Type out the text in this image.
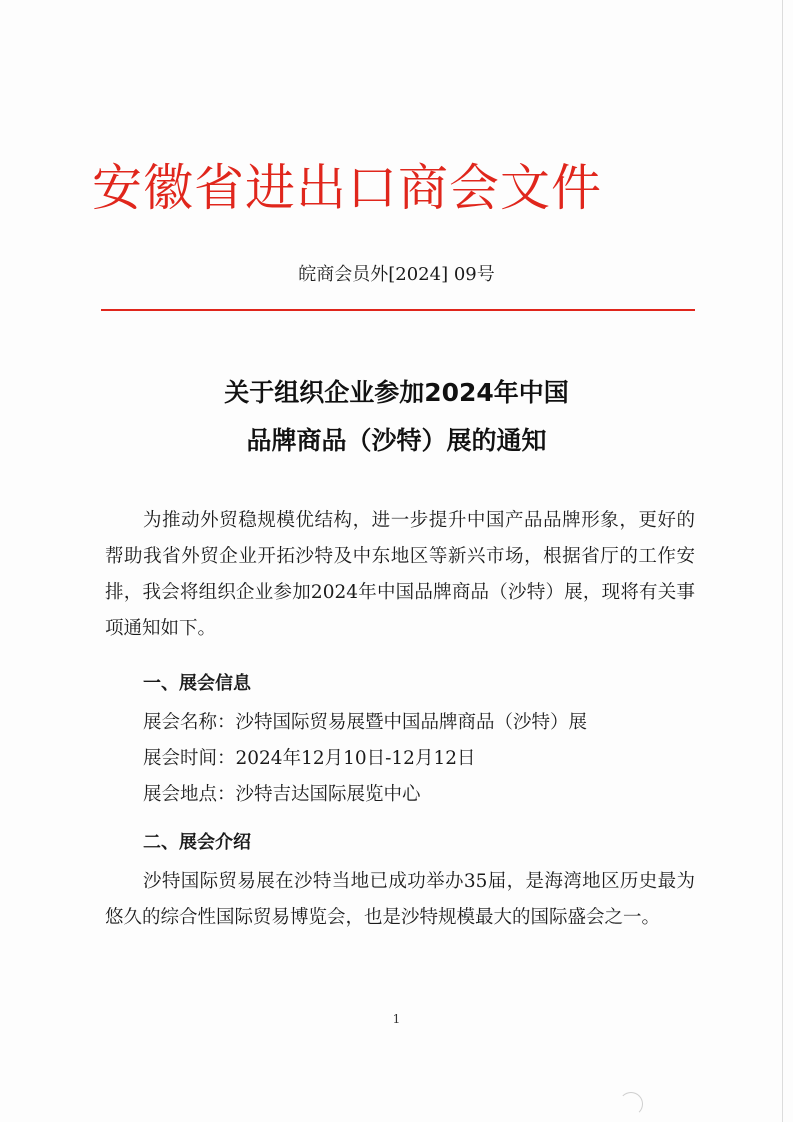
安徽省进出口商会文件
皖商会员外[2024] 09号
关于组织企业参加2024年中国
品牌商品（沙特）展的通知

为推动外贸稳规模优结构，进一步提升中国产品品牌形象，更好的帮助我省外贸企业开拓沙特及中东地区等新兴市场，根据省厅的工作安排，我会将组织企业参加2024年中国品牌商品（沙特）展，现将有关事项通知如下。

一、展会信息

展会名称：沙特国际贸易展暨中国品牌商品（沙特）展

展会时间：2024年12月10日-12月12日

展会地点：沙特吉达国际展览中心

二、展会介绍

沙特国际贸易展在沙特当地已成功举办35届，是海湾地区历史最为悠久的综合性国际贸易博览会，也是沙特规模最大的国际盛会之一。

1
